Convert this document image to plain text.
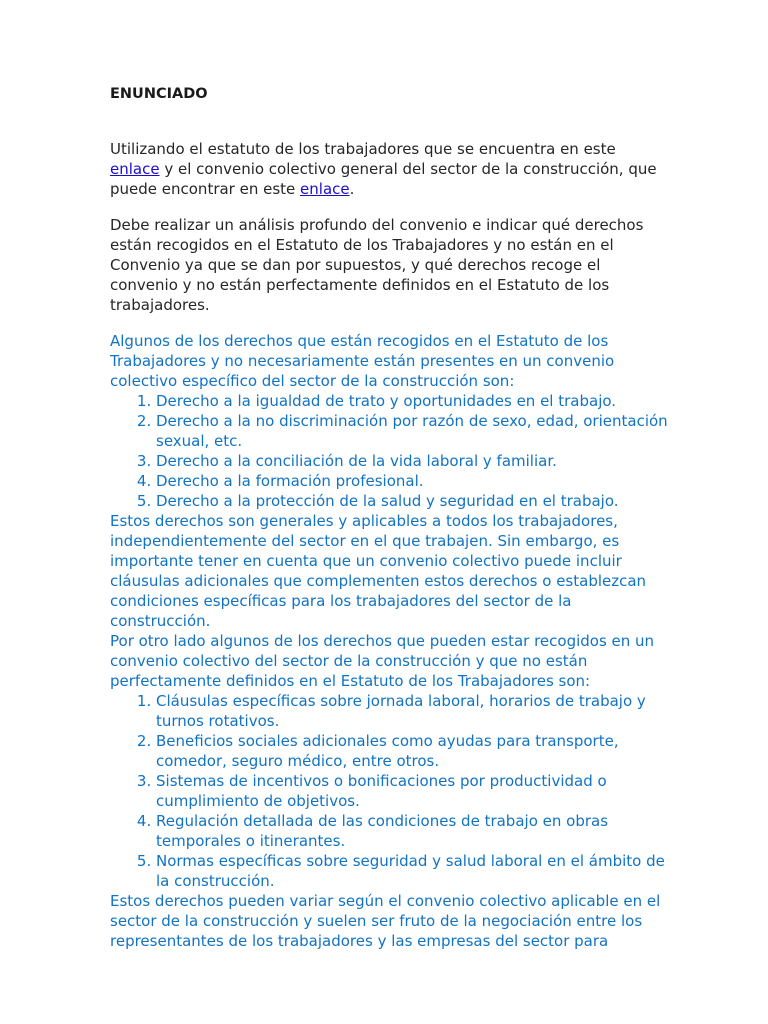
ENUNCIADO

Utilizando el estatuto de los trabajadores que se encuentra en este enlace y el convenio colectivo general del sector de la construcción, que puede encontrar en este enlace.

Debe realizar un análisis profundo del convenio e indicar qué derechos están recogidos en el Estatuto de los Trabajadores y no están en el Convenio ya que se dan por supuestos, y qué derechos recoge el convenio y no están perfectamente definidos en el Estatuto de los trabajadores.

Algunos de los derechos que están recogidos en el Estatuto de los Trabajadores y no necesariamente están presentes en un convenio colectivo específico del sector de la construcción son:

1. Derecho a la igualdad de trato y oportunidades en el trabajo.
2. Derecho a la no discriminación por razón de sexo, edad, orientación sexual, etc.
3. Derecho a la conciliación de la vida laboral y familiar.
4. Derecho a la formación profesional.
5. Derecho a la protección de la salud y seguridad en el trabajo.

Estos derechos son generales y aplicables a todos los trabajadores, independientemente del sector en el que trabajen. Sin embargo, es importante tener en cuenta que un convenio colectivo puede incluir cláusulas adicionales que complementen estos derechos o establezcan condiciones específicas para los trabajadores del sector de la construcción.

Por otro lado algunos de los derechos que pueden estar recogidos en un convenio colectivo del sector de la construcción y que no están perfectamente definidos en el Estatuto de los Trabajadores son:

1. Cláusulas específicas sobre jornada laboral, horarios de trabajo y turnos rotativos.
2. Beneficios sociales adicionales como ayudas para transporte, comedor, seguro médico, entre otros.
3. Sistemas de incentivos o bonificaciones por productividad o cumplimiento de objetivos.
4. Regulación detallada de las condiciones de trabajo en obras temporales o itinerantes.
5. Normas específicas sobre seguridad y salud laboral en el ámbito de la construcción.

Estos derechos pueden variar según el convenio colectivo aplicable en el sector de la construcción y suelen ser fruto de la negociación entre los representantes de los trabajadores y las empresas del sector para
